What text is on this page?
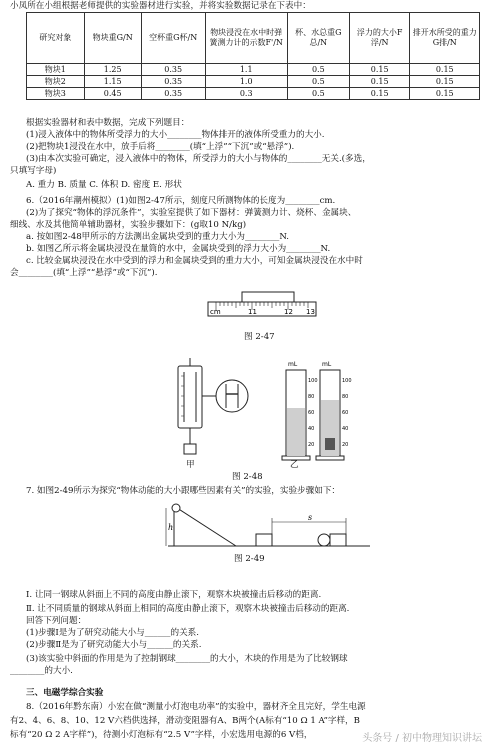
小凤所在小组根据老师提供的实验器材进行实验，并将实验数据记录在下表中：
研究对象	物块重G/N	空杯重G杯/N	物块浸没在水中时弹簧测力计的示数F'/N	杯、水总重G总/N	浮力的大小F浮/N	排开水所受的重力G排/N
物块1	1.25	0.35	1.1	0.5	0.15	0.15
物块2	1.15	0.35	1.0	0.5	0.15	0.15
物块3	0.45	0.35	0.3	0.5	0.15	0.15
根据实验器材和表中数据，完成下列题目：
(1)浸入液体中的物体所受浮力的大小________物体排开的液体所受重力的大小.
(2)把物块1浸没在水中，放手后将________(填“上浮”“下沉”或“悬浮”).
(3)由本次实验可确定，浸入液体中的物体，所受浮力的大小与物体的________无关.(多选，
只填写字母)
A. 重力 B. 质量 C. 体积 D. 密度 E. 形状
6.（2016年潮州模拟）(1)如图2-47所示，刻度尺所测物体的长度为________cm.
(2)为了探究“物体的浮沉条件”，实验室提供了如下器材：弹簧测力计、烧杯、金属块、
细线、水及其他简单辅助器材，实验步骤如下：(g取10 N/kg)
a. 按如图2-48甲所示的方法测出金属块受到的重力大小为________N.
b. 如图乙所示将金属块浸没在量筒的水中，金属块受到的浮力大小为________N.
c. 比较金属块浸没在水中受到的浮力和金属块受到的重力大小，可知金属块浸没在水中时
会________(填“上浮”“悬浮”或“下沉”).
cm	11	12 13
图 2-47
mL
100
80
60
40
20
mL
100
80
60
40
20
甲	乙
图 2-48
7. 如图2-49所示为探究“物体动能的大小跟哪些因素有关”的实验，实验步骤如下：
h
s
图 2-49
Ⅰ. 让同一钢球从斜面上不同的高度由静止滚下，观察木块被撞击后移动的距离.
Ⅱ. 让不同质量的钢球从斜面上相同的高度由静止滚下，观察木块被撞击后移动的距离.
回答下列问题：
(1)步骤Ⅰ是为了研究动能大小与______的关系.
(2)步骤Ⅱ是为了研究动能大小与______的关系.
(3)该实验中斜面的作用是为了控制钢球________的大小，木块的作用是为了比较钢球
________的大小.
三、电磁学综合实验
8.（2016年黔东南）小宏在做“测量小灯泡电功率”的实验中，器材齐全且完好，学生电源
有2、4、6、8、10、12 V六档供选择，滑动变阻器有A、B两个(A标有“10 Ω 1 A”字样，B
标有“20 Ω 2 A字样”)，待测小灯泡标有“2.5 V”字样，小宏选用电源的6 V档，	头条号 / 初中物理知识讲坛
